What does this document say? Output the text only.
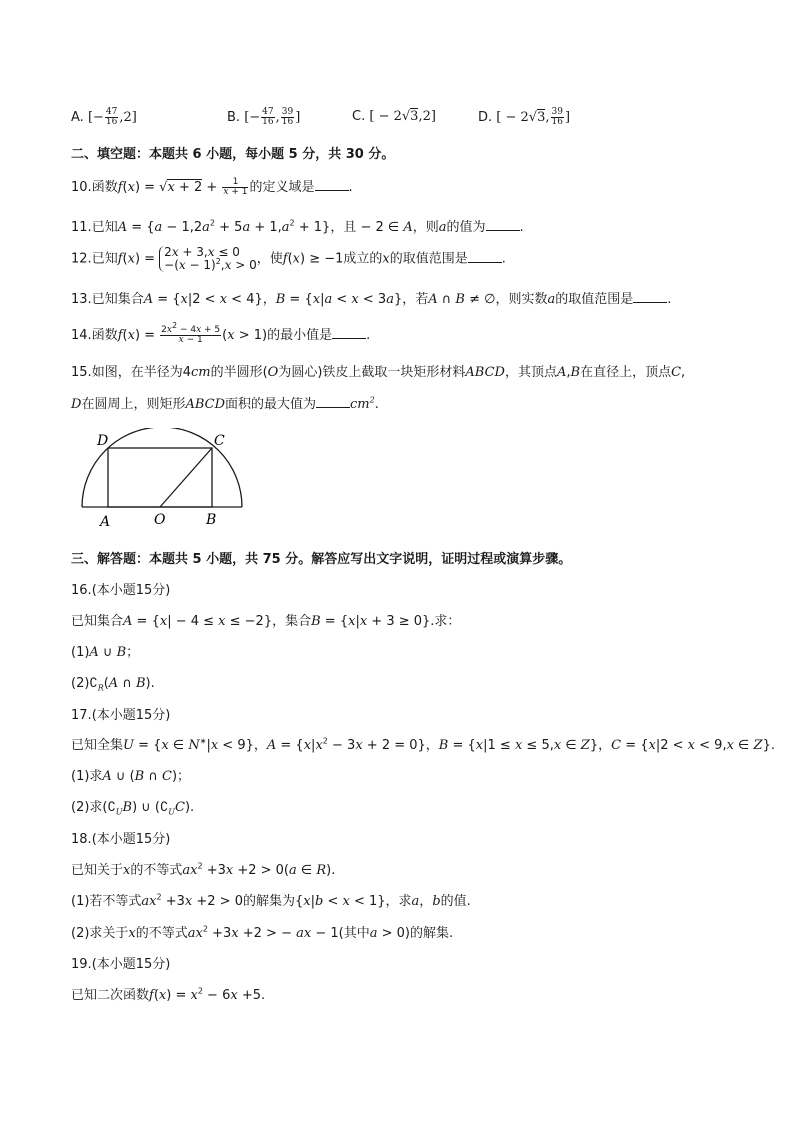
A. [− $\frac{47}{16} ,2$]	B. [− $\frac{47}{16}$ , $\frac{39}{16}$ ]	C. [ − 2√3,2]	D. [ − 2√3, $\frac{39}{16}$ ]
二、填空题：本题共 6 小题，每小题 5 分，共 30 分。
10.函数$f(x) = √x + 2 + \frac{1}{x + 1}$ 的定义域是	.
11.已知$A = \{a - 1,2a^2 + 5a + 1,a^2 + 1\}$，且 − 2 ∈ A，则a的值为	.
12.已知f(x) = 2x + 3,x ≤ 0
$-(x - 1)^2,x > 0$ ，使f(x) ≥ −1成立的x的取值范围是	.
13.已知集合A = {x|2 < x < 4}，B = {x|a < x < 3a}，若A ∩ B ≠ ∅，则实数a的取值范围是	.
14.函数$f(x) = \frac{2x^2 - 4x + 5}{x - 1} (x > 1)$的最小值是	.
15.如图，在半径为4cm的半圆形(O为圆心)铁皮上截取一块矩形材料ABCD，其顶点A,B在直径上，顶点C,
D在圆周上，则矩形ABCD面积的最大值为	$cm^2$.
D	C
A	O	B
三、解答题：本题共 5 小题，共 75 分。解答应写出文字说明，证明过程或演算步骤。
16.(本小题15分)
已知集合A = {x| − 4 ≤ x ≤ −2}，集合B = {x|x + 3 ≥ 0}.求：
(1)A ∪ B；
$(2)∁_R(A$ ∩ B).
17.(本小题15分)
已知全集U = {x ∈ N∗|x < 9}，$A = \{x|x^2 - 3x + 2 = 0\}$，B = {x|1 ≤ x ≤ 5,x ∈ Z}，C = {x|2 < x < 9,x ∈ Z}.
(1)求A ∪ (B ∩ C)；
(2)求$(∁_UB)$ ∪ $(∁_UC)$.
18.(本小题15分)
已知关于x的不等式$ax^2 +3x +2 > 0(a$ ∈ R).
(1)若不等式$ax^2 +3x +2 > 0$的解集为{x|b < x < 1}，求a，b的值.
(2)求关于x的不等式$ax^2 +3x +2$ > − ax − 1(其中a > 0)的解集.
19.(本小题15分)
已知二次函数$f(x) = x^2 - 6x +5$.
